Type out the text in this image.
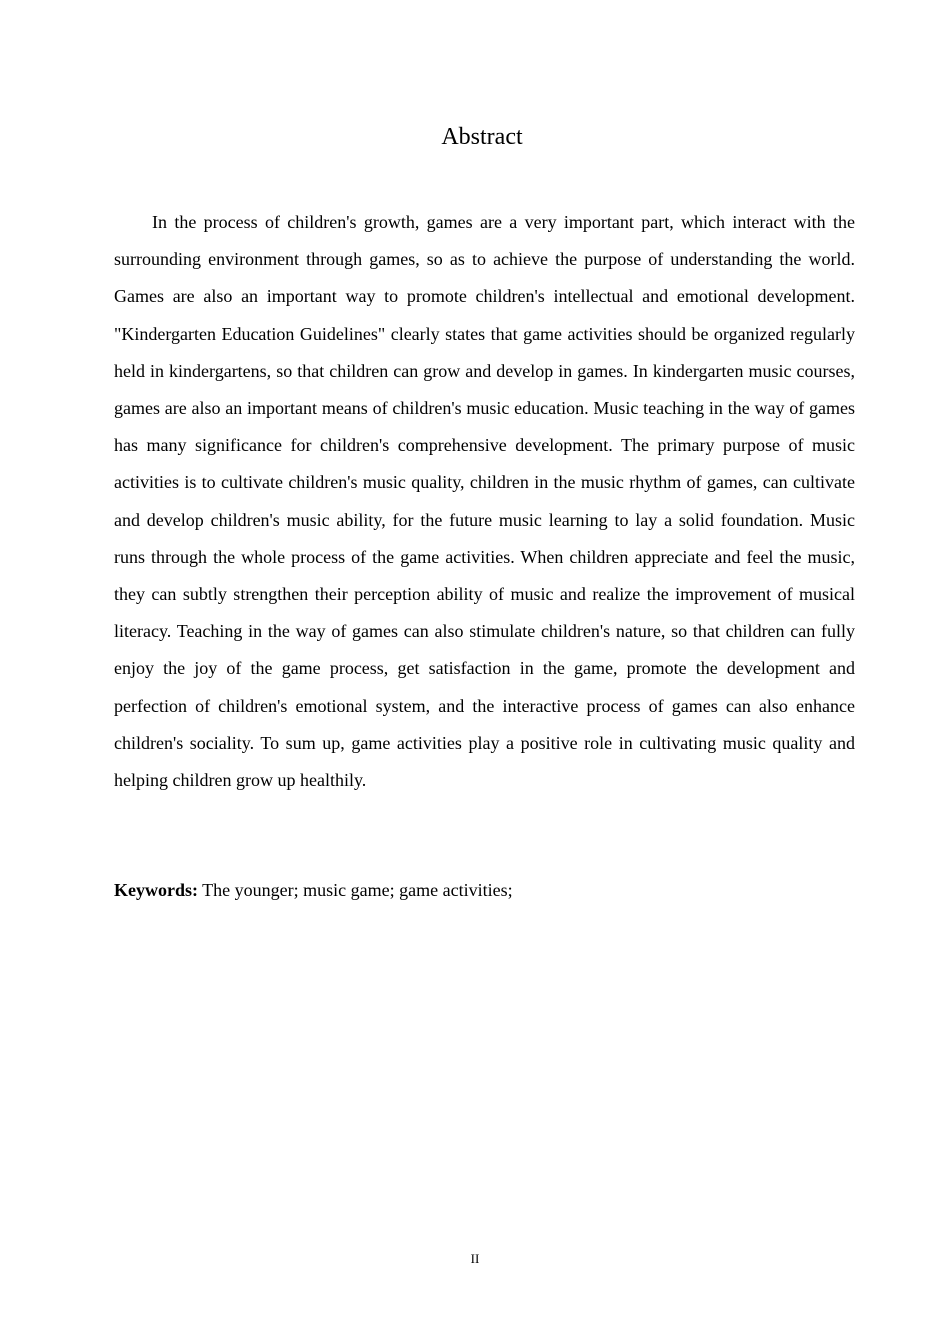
Abstract

In the process of children's growth, games are a very important part, which interact with the surrounding environment through games, so as to achieve the purpose of understanding the world. Games are also an important way to promote children's intellectual and emotional development. "Kindergarten Education Guidelines" clearly states that game activities should be organized regularly held in kindergartens, so that children can grow and develop in games. In kindergarten music courses, games are also an important means of children's music education. Music teaching in the way of games has many significance for children's comprehensive development. The primary purpose of music activities is to cultivate children's music quality, children in the music rhythm of games, can cultivate and develop children's music ability, for the future music learning to lay a solid foundation. Music runs through the whole process of the game activities. When children appreciate and feel the music, they can subtly strengthen their perception ability of music and realize the improvement of musical literacy. Teaching in the way of games can also stimulate children's nature, so that children can fully enjoy the joy of the game process, get satisfaction in the game, promote the development and perfection of children's emotional system, and the interactive process of games can also enhance children's sociality. To sum up, game activities play a positive role in cultivating music quality and helping children grow up healthily.

Keywords: The younger; music game; game activities;

II
